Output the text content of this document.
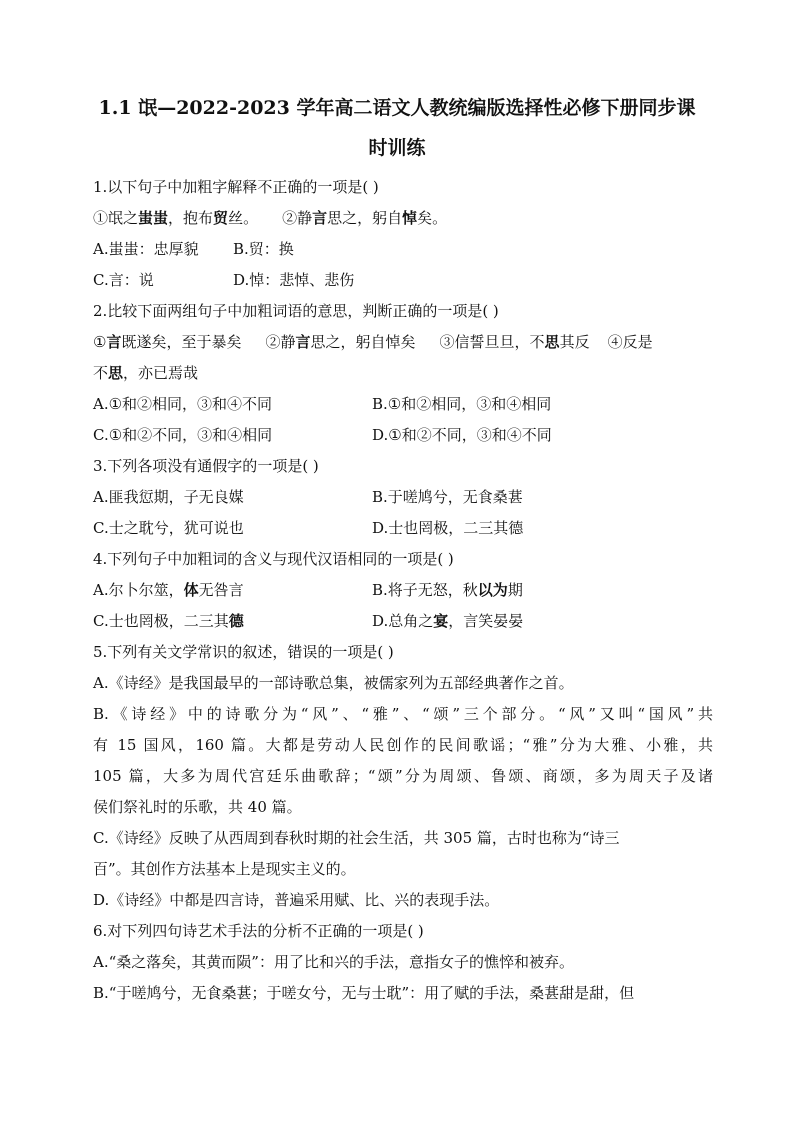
1.1 氓—2022-2023 学年高二语文人教统编版选择性必修下册同步课
时训练
1.以下句子中加粗字解释不正确的一项是( )
①氓之蚩蚩，抱布贸丝。 ②静言思之，躬自悼矣。
A.蚩蚩：忠厚貌 B.贸：换
C.言：说	D.悼：悲悼、悲伤
2.比较下面两组句子中加粗词语的意思，判断正确的一项是( )
①言既遂矣，至于暴矣 ②静言思之，躬自悼矣 ③信誓旦旦，不思其反 ④反是
不思，亦已焉哉
A.①和②相同，③和④不同	B.①和②相同，③和④相同
C.①和②不同，③和④相同	D.①和②不同，③和④不同
3.下列各项没有通假字的一项是( )
A.匪我愆期，子无良媒	B.于嗟鸠兮，无食桑葚
C.士之耽兮，犹可说也	D.士也罔极，二三其德
4.下列句子中加粗词的含义与现代汉语相同的一项是( )
A.尔卜尔筮，体无咎言	B.将子无怒，秋以为期
C.士也罔极，二三其德	D.总角之宴，言笑晏晏
5.下列有关文学常识的叙述，错误的一项是( )
A.《诗经》是我国最早的一部诗歌总集，被儒家列为五部经典著作之首。
B.《诗经》中的诗歌分为“风”、“雅”、“颂”三个部分。“风”又叫“国风”共
有 15 国风，160 篇。大都是劳动人民创作的民间歌谣；“雅”分为大雅、小雅，共
105 篇，大多为周代宫廷乐曲歌辞；“颂”分为周颂、鲁颂、商颂，多为周天子及诸
侯们祭礼时的乐歌，共 40 篇。
C.《诗经》反映了从西周到春秋时期的社会生活，共 305 篇，古时也称为“诗三
百”。其创作方法基本上是现实主义的。
D.《诗经》中都是四言诗，普遍采用赋、比、兴的表现手法。
6.对下列四句诗艺术手法的分析不正确的一项是( )
A.“桑之落矣，其黄而陨”：用了比和兴的手法，意指女子的憔悴和被弃。
B.“于嗟鸠兮，无食桑葚；于嗟女兮，无与士耽”：用了赋的手法，桑葚甜是甜，但
